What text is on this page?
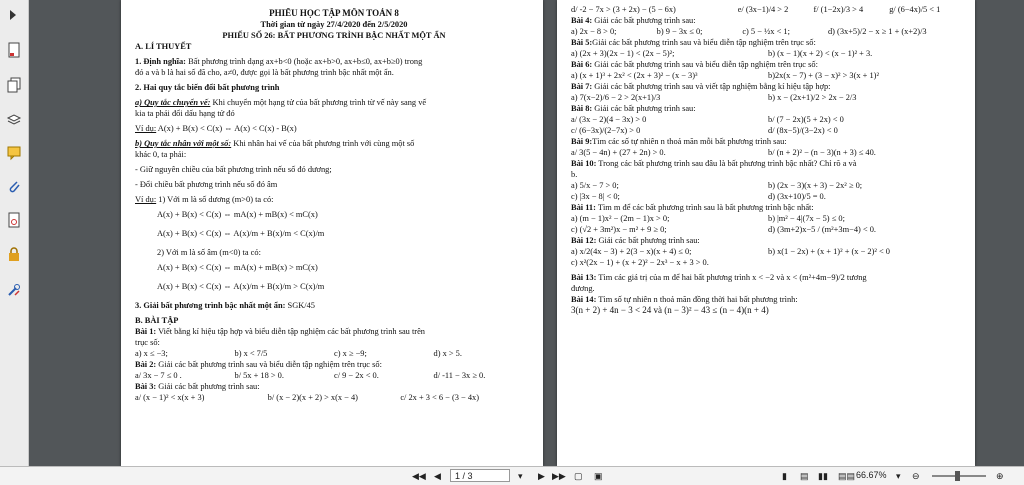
PHIẾU HỌC TẬP MÔN TOÁN 8
Thời gian từ ngày 27/4/2020 đến 2/5/2020
PHIẾU SỐ 26: BẤT PHƯƠNG TRÌNH BẬC NHẤT MỘT ẨN
A. LÍ THUYẾT
1. Định nghĩa: Bất phương trình dạng ax+b<0 (hoặc ax+b>0, ax+b≤0, ax+b≥0) trong
đó a và b là hai số đã cho, a≠0, được gọi là bất phương trình bậc nhất một ẩn.
2. Hai quy tắc biến đổi bất phương trình
a) Quy tắc chuyển vế: Khi chuyển một hạng tử của bất phương trình từ vế này sang vế
kia ta phải đổi dấu hạng tử đó
Ví dụ: A(x) + B(x) < C(x) ⇔ A(x) < C(x) - B(x)
b) Quy tắc nhân với một số: Khi nhân hai vế của bất phương trình với cùng một số
khác 0, ta phải:
- Giữ nguyên chiều của bất phương trình nếu số đó dương;
- Đổi chiều bất phương trình nếu số đó âm
Ví dụ: 1) Với m là số dương (m>0) ta có:
A(x) + B(x) < C(x) ⇔ mA(x) + mB(x) < mC(x)
A(x) + B(x) < C(x) ⇔ A(x)/m + B(x)/m < C(x)/m
2) Với m là số âm (m<0) ta có:
A(x) + B(x) < C(x) ⇔ mA(x) + mB(x) > mC(x)
A(x) + B(x) < C(x) ⇔ A(x)/m + B(x)/m > C(x)/m
3. Giải bất phương trình bậc nhất một ẩn: SGK/45
B. BÀI TẬP
Bài 1: Viết bằng kí hiệu tập hợp và biểu diễn tập nghiệm các bất phương trình sau trên
trục số:
a) x ≤ −3;	b) x < 7/5	c) x ≥ −9;	d) x > 5.
Bài 2: Giải các bất phương trình sau và biểu diễn tập nghiệm trên trục số:
a/ 3x − 7 ≤ 0 .	b/ 5x + 18 > 0.	c/ 9 − 2x < 0.	d/ -11 − 3x ≥ 0.
Bài 3: Giải các bất phương trình sau:
a/ (x − 1)² < x(x + 3)	b/ (x − 2)(x + 2) > x(x − 4)	c/ 2x + 3 < 6 − (3 − 4x)
d/ -2 − 7x > (3 + 2x) − (5 − 6x)	e/ (3x−1)/4 > 2	f/ (1−2x)/3 > 4	g/ (6−4x)/5 < 1
Bài 4: Giải các bất phương trình sau:
a) 2x − 8 > 0;	b) 9 − 3x ≤ 0;	c) 5 − ½x < 1;	d) (3x+5)/2 − x ≥ 1 + (x+2)/3
Bài 5:Giải các bất phương trình sau và biểu diễn tập nghiệm trên trục số:
a) (2x + 3)(2x − 1) < (2x − 5)²;	b) (x − 1)(x + 2) < (x − 1)² + 3.
Bài 6: Giải các bất phương trình sau và biểu diễn tập nghiệm trên trục số:
a) (x + 1)³ + 2x² < (2x + 3)² − (x − 3)³	b)2x(x − 7) + (3 − x)² > 3(x + 1)²
Bài 7: Giải các bất phương trình sau và viết tập nghiệm bằng kí hiệu tập hợp:
a) 7(x−2)/6 − 2 > 2(x+1)/3	b) x − (2x+1)/2 > 2x − 2/3
Bài 8: Giải các bất phương trình sau:
a/ (3x − 2)(4 − 3x) > 0	b/ (7 − 2x)(5 + 2x) < 0
c/ (6−3x)/(2−7x) > 0	d/ (8x−5)/(3−2x) < 0
Bài 9:Tìm các số tự nhiên n thoả mãn mỗi bất phương trình sau:
a/ 3(5 − 4n) + (27 + 2n) > 0.	b/ (n + 2)² − (n − 3)(n + 3) ≤ 40.
Bài 10: Trong các bất phương trình sau đâu là bất phương trình bậc nhất? Chỉ rõ a và
b.
a) 5/x − 7 > 0;	b) (2x − 3)(x + 3) − 2x² ≥ 0;
c) |3x − 8| < 0;	d) (3x+10)/5 = 0.
Bài 11: Tìm m để các bất phương trình sau là bất phương trình bậc nhất:
a) (m − 1)x² − (2m − 1)x > 0;	b) |m² − 4|(7x − 5) ≤ 0;
c) (√2 + 3m²)x − m² + 9 ≥ 0;	d) (3m+2)x−5 / (m²+3m−4) < 0.
Bài 12: Giải các bất phương trình sau:
a) x/2(4x − 3) + 2(3 − x)(x + 4) ≤ 0;	b) x(1 − 2x) + (x + 1)² + (x − 2)² < 0
c) x²(2x − 1) + (x + 2)² − 2x³ − x + 3 > 0.
Bài 13: Tìm các giá trị của m để hai bất phương trình x < −2 và x < (m²+4m−9)/2 tương
đương.
Bài 14: Tìm số tự nhiên n thoả mãn đồng thời hai bất phương trình:
3(n + 2) + 4n − 3 < 24 và (n − 3)² − 43 ≤ (n − 4)(n + 4)
◀◀ ◀	1 / 3	▾ ▶ ▶▶ ▢ ▣	▮ ▤ ▮▮ ▤▤ 66.67% ▾ ⊖	⊕
